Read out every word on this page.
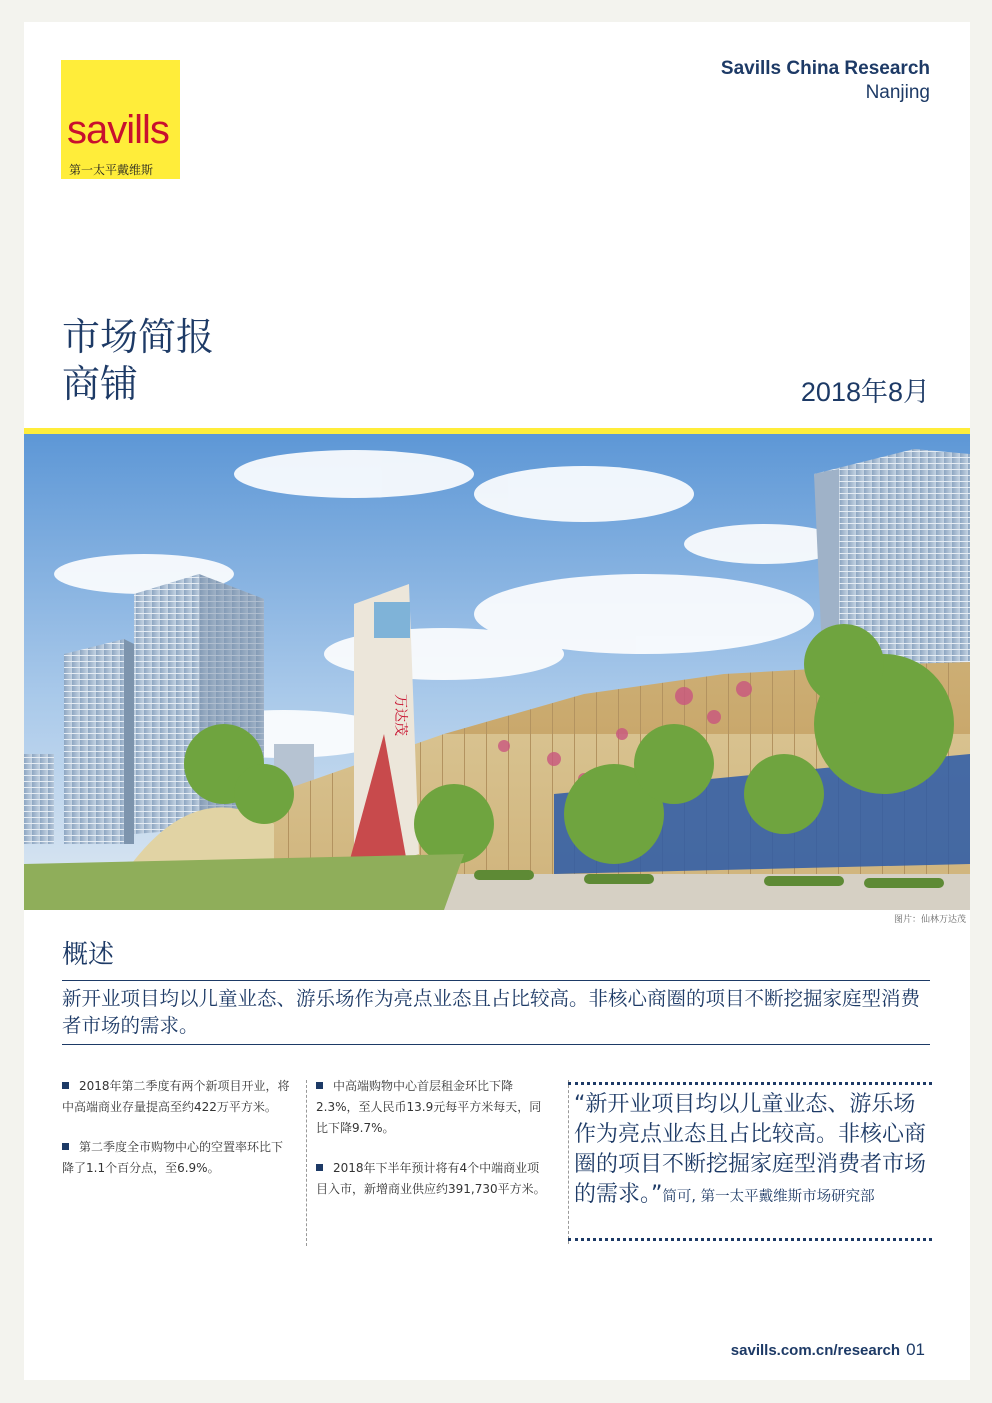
savills
第一太平戴维斯
Savills China Research
Nanjing
市场简报
商铺	2018年8月
万达茂
图片：仙林万达茂
概述
新开业项目均以儿童业态、游乐场作为亮点业态且占比较高。非核心商圈的项目不断挖掘家庭型消费者市场的需求。

2018年第二季度有两个新项目开业，将中高端商业存量提高至约422万平方米。

第二季度全市购物中心的空置率环比下降了1.1个百分点，至6.9%。

中高端购物中心首层租金环比下降2.3%，至人民币13.9元每平方米每天，同比下降9.7%。

2018年下半年预计将有4个中端商业项目入市，新增商业供应约391,730平方米。

“新开业项目均以儿童业态、游乐场作为亮点业态且占比较高。非核心商圈的项目不断挖掘家庭型消费者市场的需求。”简可, 第一太平戴维斯市场研究部
savills.com.cn/research 01
